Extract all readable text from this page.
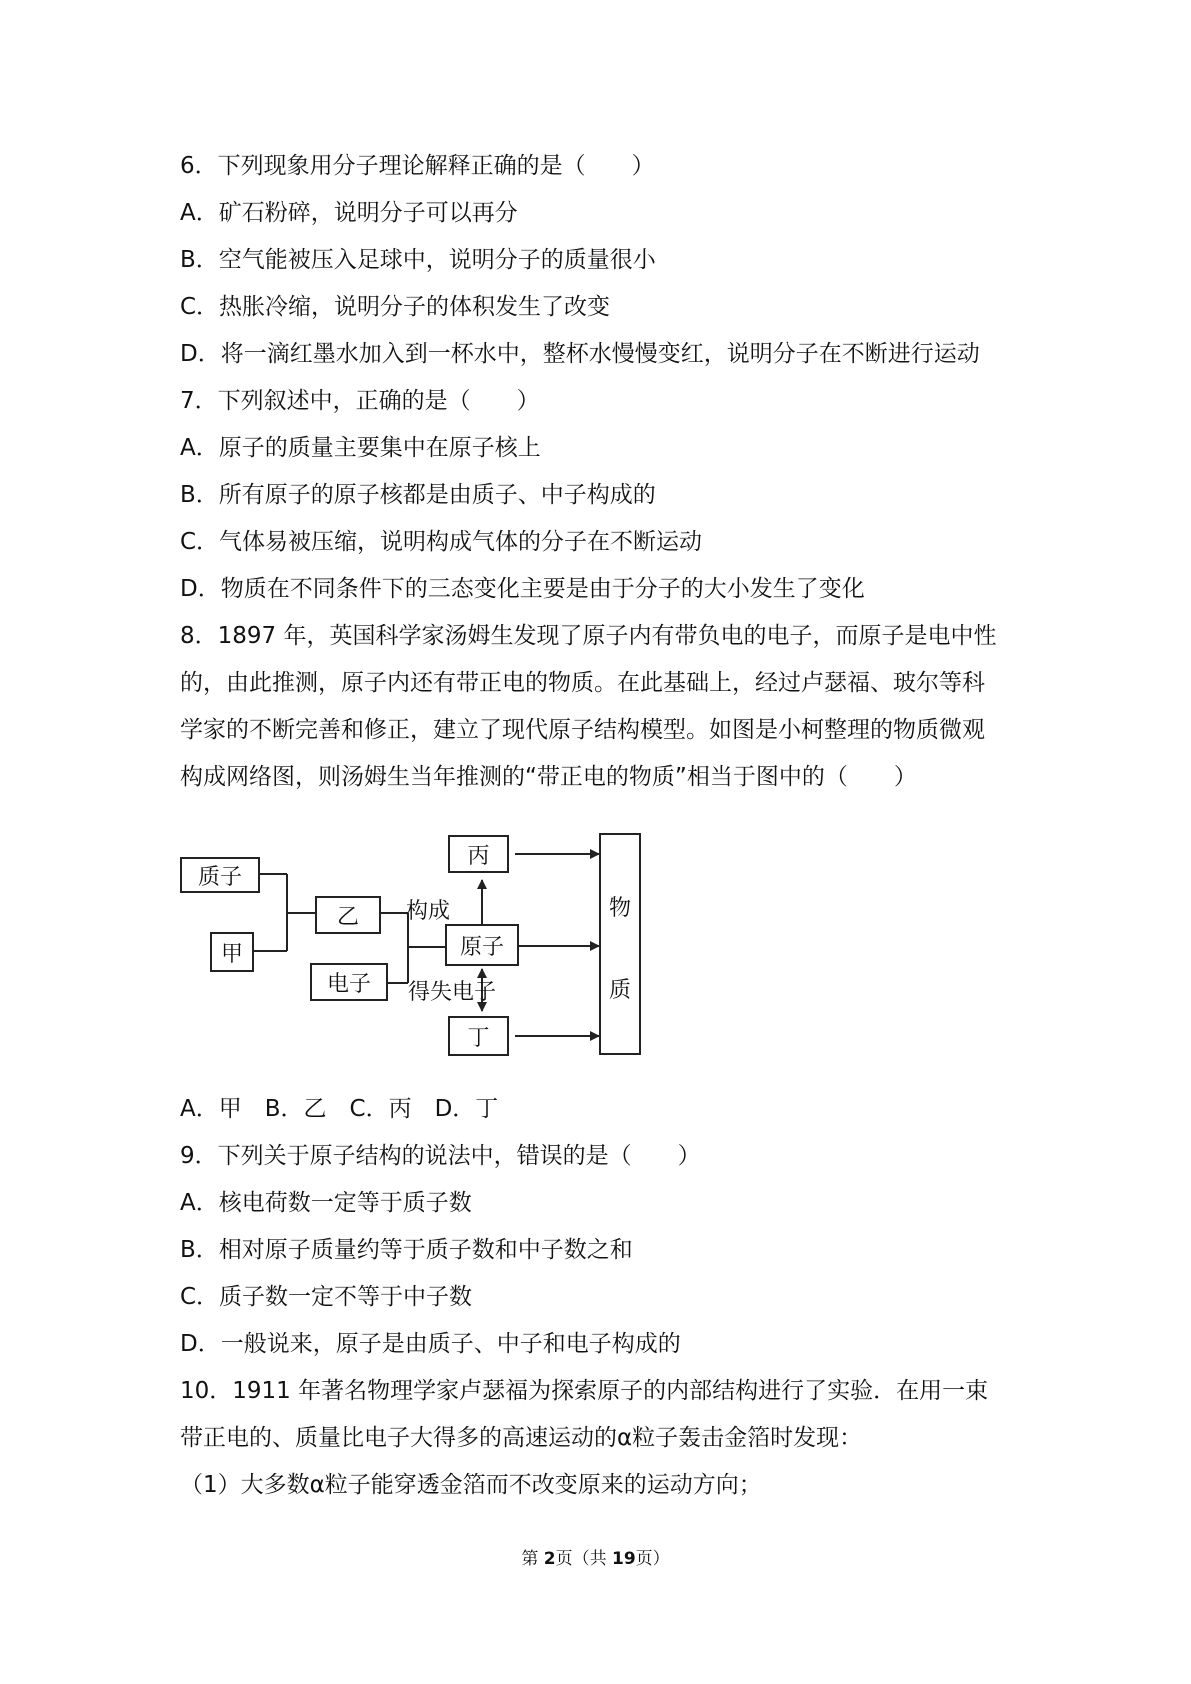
6．下列现象用分子理论解释正确的是（　　）

A．矿石粉碎，说明分子可以再分

B．空气能被压入足球中，说明分子的质量很小

C．热胀冷缩，说明分子的体积发生了改变

D．将一滴红墨水加入到一杯水中，整杯水慢慢变红，说明分子在不断进行运动

7．下列叙述中，正确的是（　　）

A．原子的质量主要集中在原子核上

B．所有原子的原子核都是由质子、中子构成的

C．气体易被压缩，说明构成气体的分子在不断运动

D．物质在不同条件下的三态变化主要是由于分子的大小发生了变化

8．1897 年，英国科学家汤姆生发现了原子内有带负电的电子，而原子是电中性

的，由此推测，原子内还有带正电的物质。在此基础上，经过卢瑟福、玻尔等科

学家的不断完善和修正，建立了现代原子结构模型。如图是小柯整理的物质微观

构成网络图，则汤姆生当年推测的“带正电的物质”相当于图中的（　　）

质子
甲
乙
电子
原子
丙
丁
构成
得失电子
物
质

A．甲　B．乙　C．丙　D．丁

9．下列关于原子结构的说法中，错误的是（　　）

A．核电荷数一定等于质子数

B．相对原子质量约等于质子数和中子数之和

C．质子数一定不等于中子数

D．一般说来，原子是由质子、中子和电子构成的

10．1911 年著名物理学家卢瑟福为探索原子的内部结构进行了实验．在用一束

带正电的、质量比电子大得多的高速运动的α粒子轰击金箔时发现：

（1）大多数α粒子能穿透金箔而不改变原来的运动方向；

第 2页（共 19页）
